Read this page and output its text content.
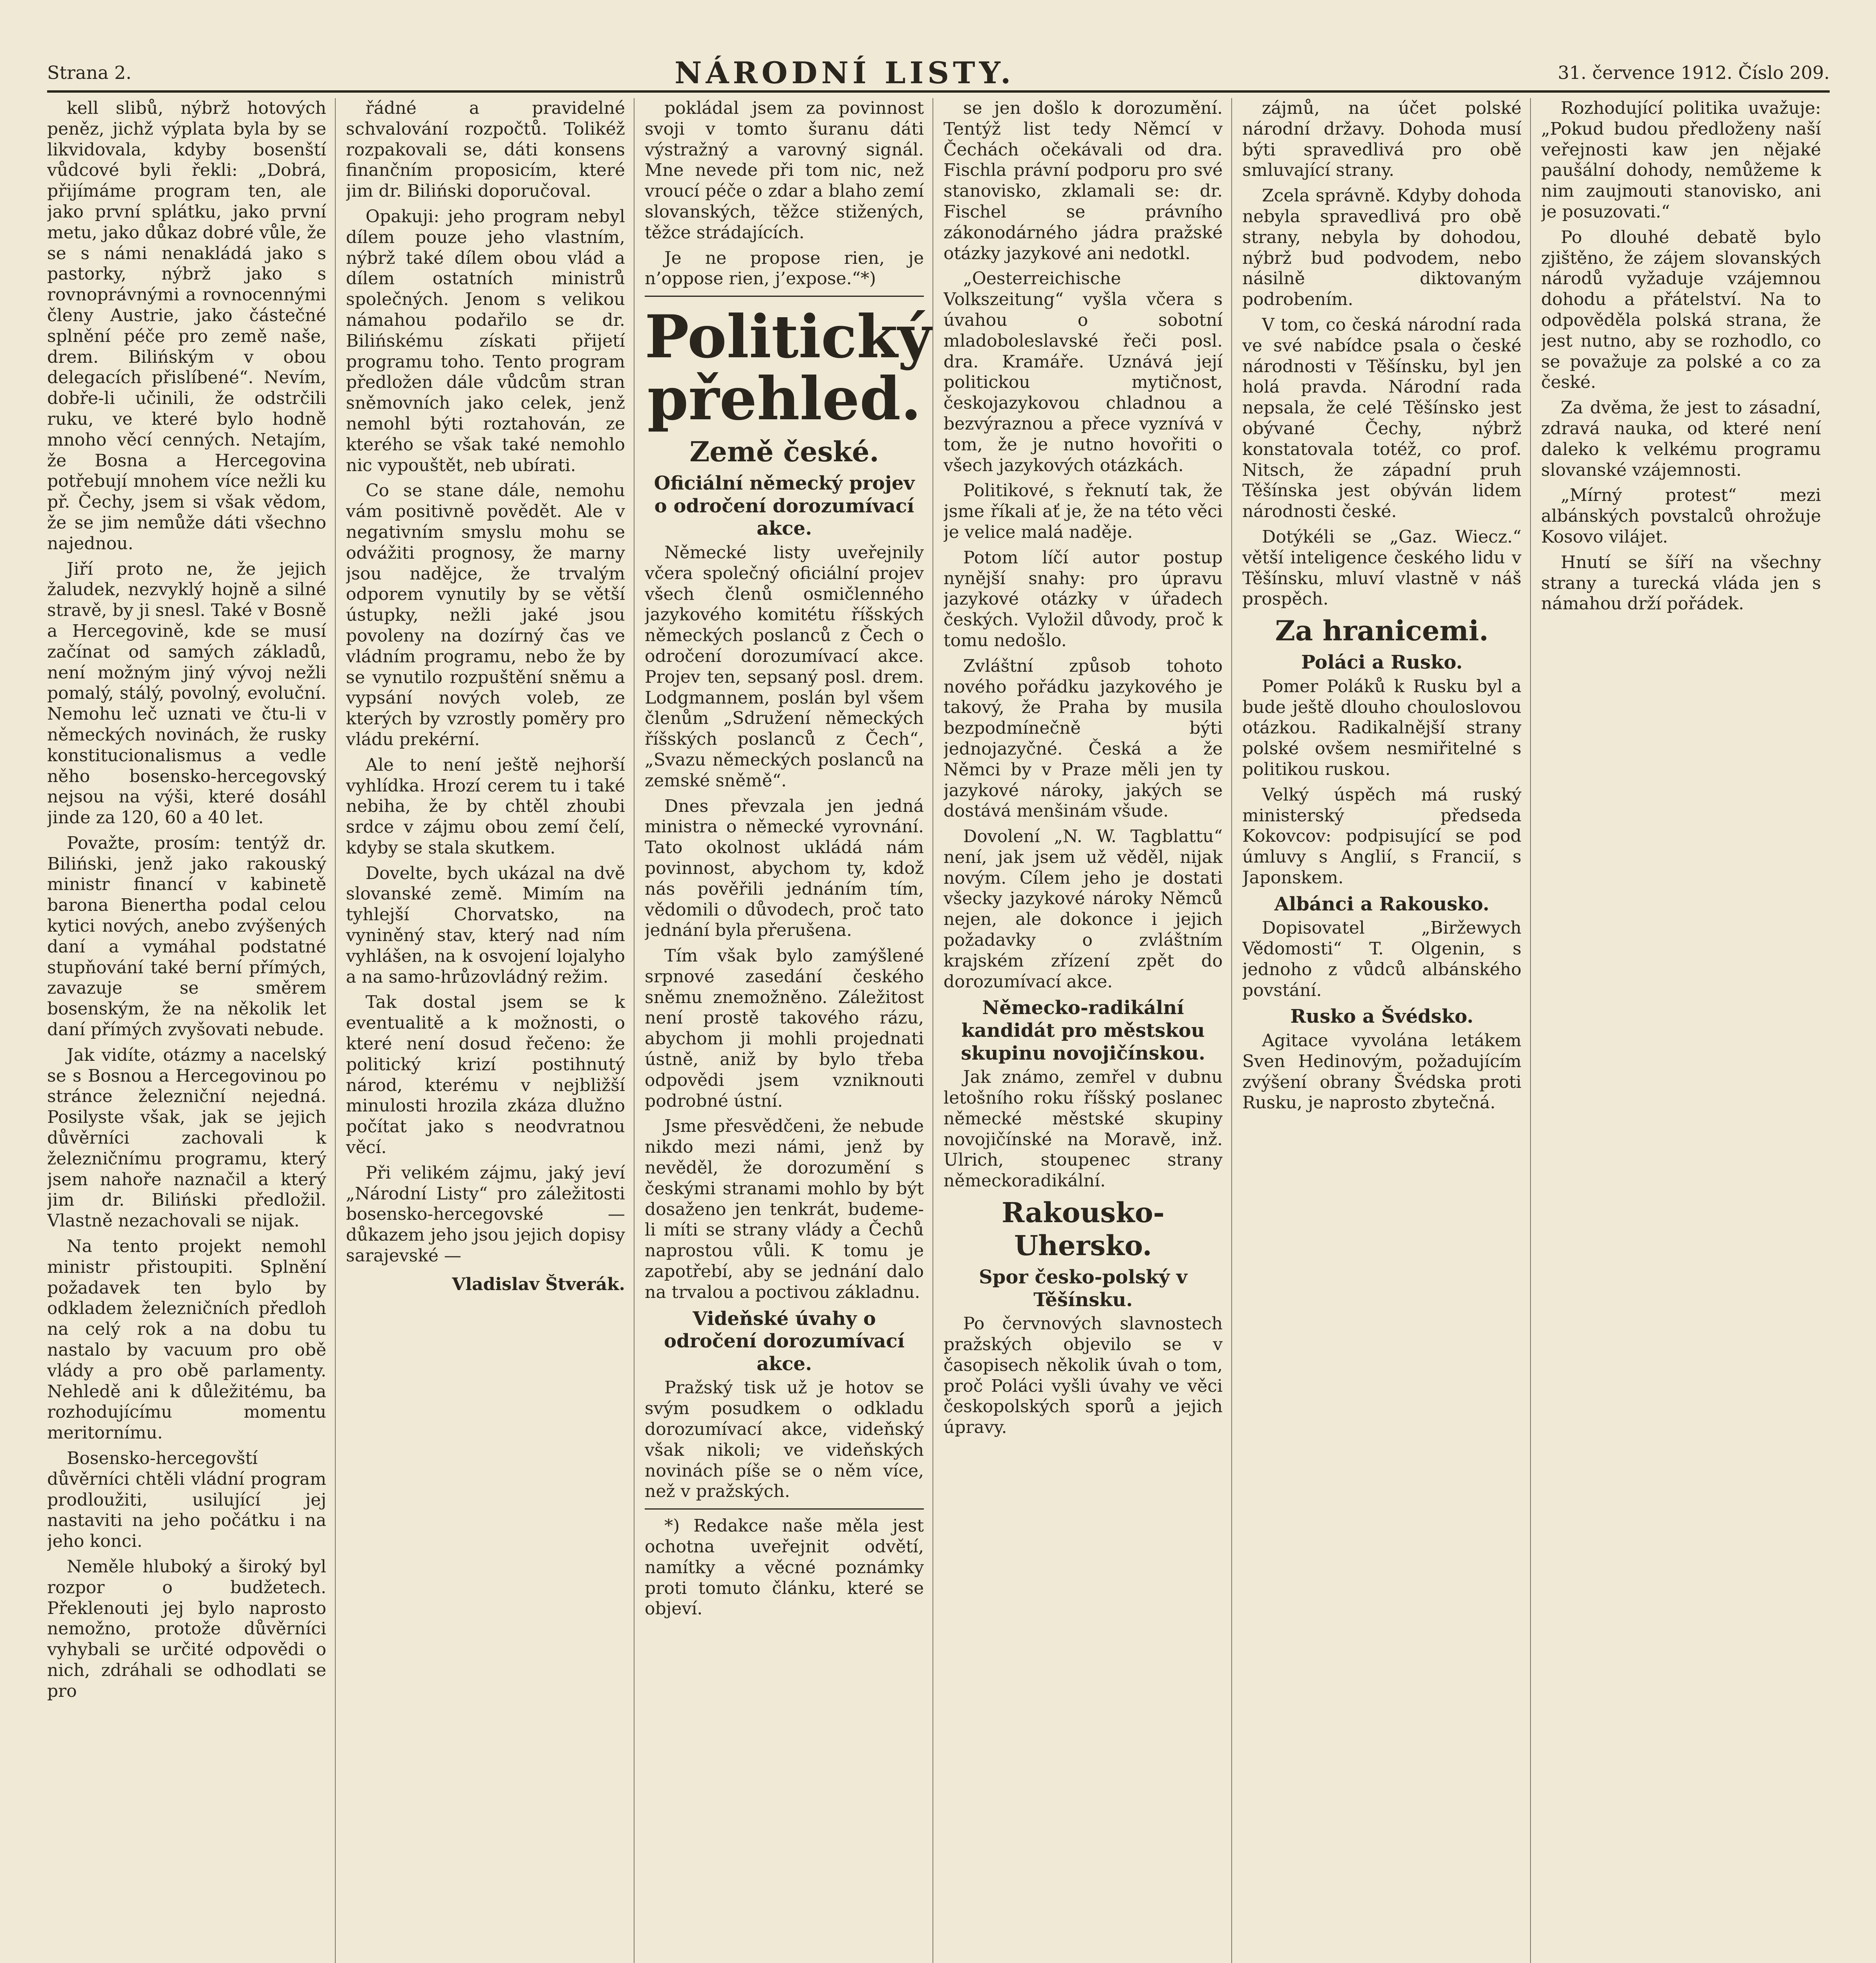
Strana 2.	NÁRODNÍ LISTY.	31. července 1912. Číslo 209.

kell slibů, nýbrž hotových peněz, jichž výplata byla by se likvidovala, kdyby bosenští vůdcové byli řekli: „Dobrá, přijímáme program ten, ale jako první splátku, jako první metu, jako důkaz dobré vůle, že se s námi nenakládá jako s pastorky, nýbrž jako s rovnoprávnými a rovnocennými členy Austrie, jako částečné splnění péče pro země naše, drem. Bilińským v obou delegacích přislíbené“. Nevím, dobře-li učinili, že odstrčili ruku, ve které bylo hodně mnoho věcí cenných. Netajím, že Bosna a Hercegovina potřebují mnohem více nežli ku př. Čechy, jsem si však vědom, že se jim nemůže dáti všechno najednou.

Jiří proto ne, že jejich žaludek, nezvyklý hojně a silné stravě, by ji snesl. Také v Bosně a Hercegovině, kde se musí začínat od samých základů, není možným jiný vývoj nežli pomalý, stálý, povolný, evoluční. Nemohu leč uznati ve čtu-li v německých novinách, že rusky konstitucionalismus a vedle něho bosensko-hercegovský nejsou na výši, které dosáhl jinde za 120, 60 a 40 let.

Považte, prosím: tentýž dr. Biliński, jenž jako rakouský ministr financí v kabinetě barona Bienertha podal celou kytici nových, anebo zvýšených daní a vymáhal podstatné stupňování také berní přímých, zavazuje se směrem bosenským, že na několik let daní přímých zvyšovati nebude.

Jak vidíte, otázmy a nacelský se s Bosnou a Hercegovinou po stránce železniční nejedná. Posilyste však, jak se jejich důvěrníci zachovali k železničnímu programu, který jsem nahoře naznačil a který jim dr. Biliński předložil. Vlastně nezachovali se nijak.

Na tento projekt nemohl ministr přistoupiti. Splnění požadavek ten bylo by odkladem železničních předloh na celý rok a na dobu tu nastalo by vacuum pro obě vlády a pro obě parlamenty. Nehledě ani k důležitému, ba rozhodujícímu momentu meritornímu.

Bosensko-hercegovští důvěrníci chtěli vládní program prodloužiti, usilující jej nastaviti na jeho počátku i na jeho konci.

Neměle hluboký a široký byl rozpor o budžetech. Překlenouti jej bylo naprosto nemožno, protože důvěrníci vyhybali se určité odpovědi o nich, zdráhali se odhodlati se pro

řádné a pravidelné schvalování rozpočtů. Tolikéž rozpakovali se, dáti konsens finančním proposicím, které jim dr. Biliński doporučoval.

Opakuji: jeho program nebyl dílem pouze jeho vlastním, nýbrž také dílem obou vlád a dílem ostatních ministrů společných. Jenom s velikou námahou podařilo se dr. Bilińskému získati přijetí programu toho. Tento program předložen dále vůdcům stran sněmovních jako celek, jenž nemohl býti roztahován, ze kterého se však také nemohlo nic vypouštět, neb ubírati.

Co se stane dále, nemohu vám positivně povědět. Ale v negativním smyslu mohu se odvážiti prognosy, že marny jsou nadějce, že trvalým odporem vynutily by se větší ústupky, nežli jaké jsou povoleny na dozírný čas ve vládním programu, nebo že by se vynutilo rozpuštění sněmu a vypsání nových voleb, ze kterých by vzrostly poměry pro vládu prekérní.

Ale to není ještě nejhorší vyhlídka. Hrozí cerem tu i také nebiha, že by chtěl zhoubi srdce v zájmu obou zemí čelí, kdyby se stala skutkem.

Dovelte, bych ukázal na dvě slovanské země. Mimím na tyhlejší Chorvatsko, na vyniněný stav, který nad ním vyhlášen, na k osvojení lojalyho a na samo-hrůzovládný režim.

Tak dostal jsem se k eventualitě a k možnosti, o které není dosud řečeno: že politický krizí postihnutý národ, kterému v nejbližší minulosti hrozila zkáza dlužno počítat jako s neodvratnou věcí.

Při velikém zájmu, jaký jeví „Národní Listy“ pro záležitosti bosensko-hercegovské — důkazem jeho jsou jejich dopisy sarajevské —

Vladislav Štverák.

pokládal jsem za povinnost svoji v tomto šuranu dáti výstražný a varovný signál. Mne nevede při tom nic, než vroucí péče o zdar a blaho zemí slovanských, těžce stižených, těžce strádajících.

Je ne propose rien, je n’oppose rien, j’expose.“*)

Politický přehled.
Země české.
Oficiální německý projev o odročení dorozumívací akce.

Německé listy uveřejnily včera společný oficiální projev všech členů osmičlenného jazykového komitétu říšských německých poslanců z Čech o odročení dorozumívací akce. Projev ten, sepsaný posl. drem. Lodgmannem, poslán byl všem členům „Sdružení německých říšských poslanců z Čech“, „Svazu německých poslanců na zemské sněmě“.

Dnes převzala jen jedná ministra o německé vyrovnání. Tato okolnost ukládá nám povinnost, abychom ty, kdož nás pověřili jednáním tím, vědomili o důvodech, proč tato jednání byla přerušena.

Tím však bylo zamýšlené srpnové zasedání českého sněmu znemožněno. Záležitost není prostě takového rázu, abychom ji mohli projednati ústně, aniž by bylo třeba odpovědi jsem vzniknouti podrobné ústní.

Jsme přesvědčeni, že nebude nikdo mezi námi, jenž by nevěděl, že dorozumění s českými stranami mohlo by být dosaženo jen tenkrát, budeme-li míti se strany vlády a Čechů naprostou vůli. K tomu je zapotřebí, aby se jednání dalo na trvalou a poctivou základnu.

Videňské úvahy o odročení dorozumívací akce.

Pražský tisk už je hotov se svým posudkem o odkladu dorozumívací akce, videňský však nikoli; ve videňských novinách píše se o něm více, než v pražských.

*) Redakce naše měla jest ochotna uveřejnit odvětí, namítky a věcné poznámky proti tomuto článku, které se objeví.

se jen došlo k dorozumění. Tentýž list tedy Němcí v Čechách očekávali od dra. Fischla právní podporu pro své stanovisko, zklamali se: dr. Fischel se právního zákonodárného jádra pražské otázky jazykové ani nedotkl.

„Oesterreichische Volkszeitung“ vyšla včera s úvahou o sobotní mladoboleslavské řeči posl. dra. Kramáře. Uznává její politickou mytičnost, českojazykovou chladnou a bezvýraznou a přece vyznívá v tom, že je nutno hovořiti o všech jazykových otázkách.

Politikové, s řeknutí tak, že jsme říkali ať je, že na této věci je velice malá naděje.

Potom líčí autor postup nynější snahy: pro úpravu jazykové otázky v úřadech českých. Vyložil důvody, proč k tomu nedošlo.

Zvláštní způsob tohoto nového pořádku jazykového je takový, že Praha by musila bezpodmínečně býti jednojazyčné. Česká a že Němci by v Praze měli jen ty jazykové nároky, jakých se dostává menšinám všude.

Dovolení „N. W. Tagblattu“ není, jak jsem už věděl, nijak novým. Cílem jeho je dostati všecky jazykové nároky Němců nejen, ale dokonce i jejich požadavky o zvláštním krajském zřízení zpět do dorozumívací akce.

Německo-radikální kandidát pro městskou skupinu novojičínskou.

Jak známo, zemřel v dubnu letošního roku říšský poslanec německé městské skupiny novojičínské na Moravě, inž. Ulrich, stoupenec strany německoradikální.

Rakousko-Uhersko.
Spor česko-polský v Těšínsku.

Po červnových slavnostech pražských objevilo se v časopisech několik úvah o tom, proč Poláci vyšli úvahy ve věci českopolských sporů a jejich úpravy.

zájmů, na účet polské národní državy. Dohoda musí býti spravedlivá pro obě smluvající strany.

Zcela správně. Kdyby dohoda nebyla spravedlivá pro obě strany, nebyla by dohodou, nýbrž bud podvodem, nebo násilně diktovaným podrobením.

V tom, co česká národní rada ve své nabídce psala o české národnosti v Těšínsku, byl jen holá pravda. Národní rada nepsala, že celé Těšínsko jest obývané Čechy, nýbrž konstatovala totéž, co prof. Nitsch, že západní pruh Těšínska jest obýván lidem národnosti české.

Dotýkéli se „Gaz. Wiecz.“ větší inteligence českého lidu v Těšínsku, mluví vlastně v náš prospěch.

Za hranicemi.
Poláci a Rusko.

Pomer Poláků k Rusku byl a bude ještě dlouho chouloslovou otázkou. Radikalnější strany polské ovšem nesmiřitelné s politikou ruskou.

Velký úspěch má ruský ministerský předseda Kokovcov: podpisující se pod úmluvy s Anglií, s Francií, s Japonskem.

Albánci a Rakousko.

Dopisovatel „Biržewych Vědomosti“ T. Olgenin, s jednoho z vůdců albánského povstání.

Rusko a Švédsko.

Agitace vyvolána letákem Sven Hedinovým, požadujícím zvýšení obrany Švédska proti Rusku, je naprosto zbytečná.

Rozhodující politika uvažuje: „Pokud budou předloženy naší veřejnosti kaw jen nějaké paušální dohody, nemůžeme k nim zaujmouti stanovisko, ani je posuzovati.“

Po dlouhé debatě bylo zjištěno, že zájem slovanských národů vyžaduje vzájemnou dohodu a přátelství. Na to odpověděla polská strana, že jest nutno, aby se rozhodlo, co se považuje za polské a co za české.

Za dvěma, že jest to zásadní, zdravá nauka, od které není daleko k velkému programu slovanské vzájemnosti.

„Mírný protest“ mezi albánských povstalců ohrožuje Kosovo vilájet.

Hnutí se šíří na všechny strany a turecká vláda jen s námahou drží pořádek.
